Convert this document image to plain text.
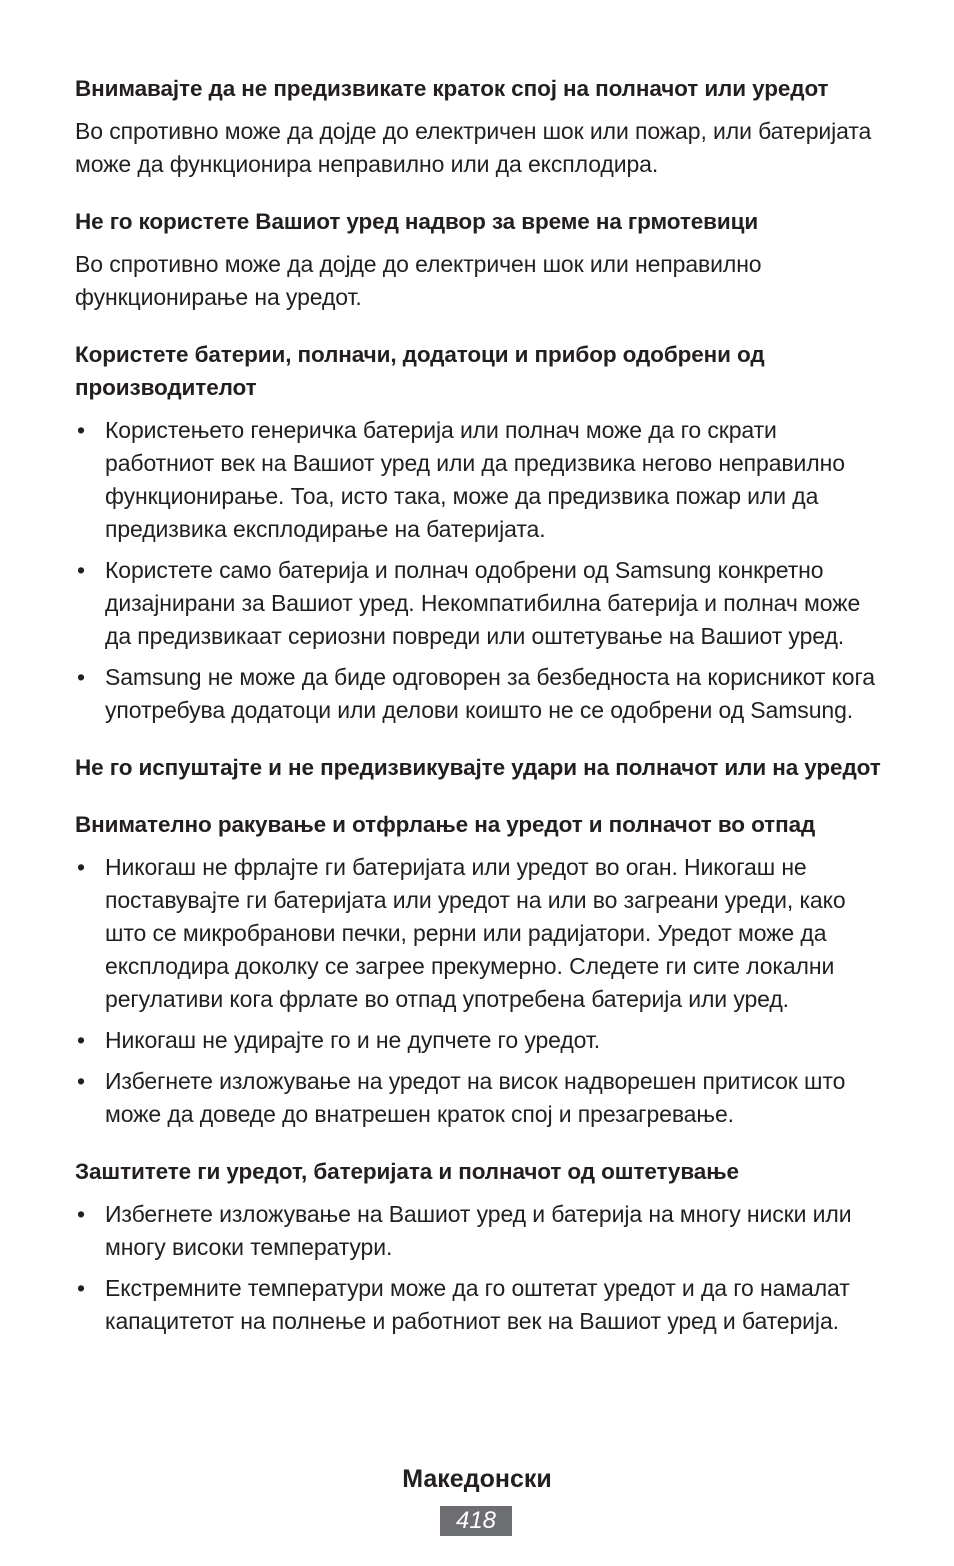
Внимавајте да не предизвикате краток спој на полначот или уредот

Во спротивно може да дојде до електричен шок или пожар, или батеријата може да функционира неправилно или да експлодира.

Не го користете Вашиот уред надвор за време на грмотевици

Во спротивно може да дојде до електричен шок или неправилно функционирање на уредот.

Користете батерии, полначи, додатоци и прибор одобрени од производителот

• Користењето генеричка батерија или полнач може да го скрати работниот век на Вашиот уред или да предизвика негово неправилно функционирање. Тоа, исто така, може да предизвика пожар или да предизвика експлодирање на батеријата.
• Користете само батерија и полнач одобрени од Samsung конкретно дизајнирани за Вашиот уред. Некомпатибилна батерија и полнач може да предизвикаат сериозни повреди или оштетување на Вашиот уред.
• Samsung не може да биде одговорен за безбедноста на корисникот кога употребува додатоци или делови коишто не се одобрени од Samsung.

Не го испуштајте и не предизвикувајте удари на полначот или на уредот

Внимателно ракување и отфрлање на уредот и полначот во отпад

• Никогаш не фрлајте ги батеријата или уредот во оган. Никогаш не поставувајте ги батеријата или уредот на или во загреани уреди, како што се микробранови печки, рерни или радијатори. Уредот може да експлодира доколку се загрее прекумерно. Следете ги сите локални регулативи кога фрлате во отпад употребена батерија или уред.
• Никогаш не удирајте го и не дупчете го уредот.
• Избегнете изложување на уредот на висок надворешен притисок што може да доведе до внатрешен краток спој и презагревање.

Заштитете ги уредот, батеријата и полначот од оштетување

• Избегнете изложување на Вашиот уред и батерија на многу ниски или многу високи температури.
• Екстремните температури може да го оштетат уредот и да го намалат капацитетот на полнење и работниот век на Вашиот уред и батерија.
Македонски
418
